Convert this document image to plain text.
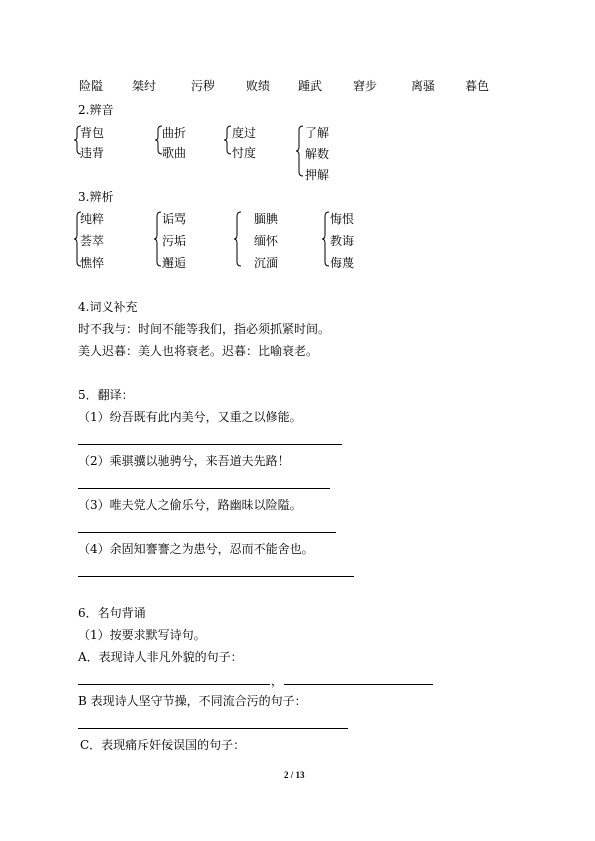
险隘 桀纣	污秽	败绩 踵武	窘步	离骚 暮色
2.辨音
背包
违背
曲折
歌曲
度过
忖度
了解
解数
押解
3.辨析
纯粹
荟萃
憔悴
诟骂
污垢
邂逅
腼腆
缅怀
沉湎
悔恨
教诲
侮蔑
4.词义补充
时不我与：时间不能等我们，指必须抓紧时间。
美人迟暮：美人也将衰老。迟暮：比喻衰老。
5．翻译：
（1）纷吾既有此内美兮，又重之以修能。
（2）乘骐骥以驰骋兮，来吾道夫先路！
（3）唯夫党人之偷乐兮，路幽昧以险隘。
（4）余固知謇謇之为患兮，忍而不能舍也。
6．名句背诵
（1）按要求默写诗句。
A．表现诗人非凡外貌的句子：
，
B 表现诗人坚守节操，不同流合污的句子：
C．表现痛斥奸佞误国的句子：
2 / 13
